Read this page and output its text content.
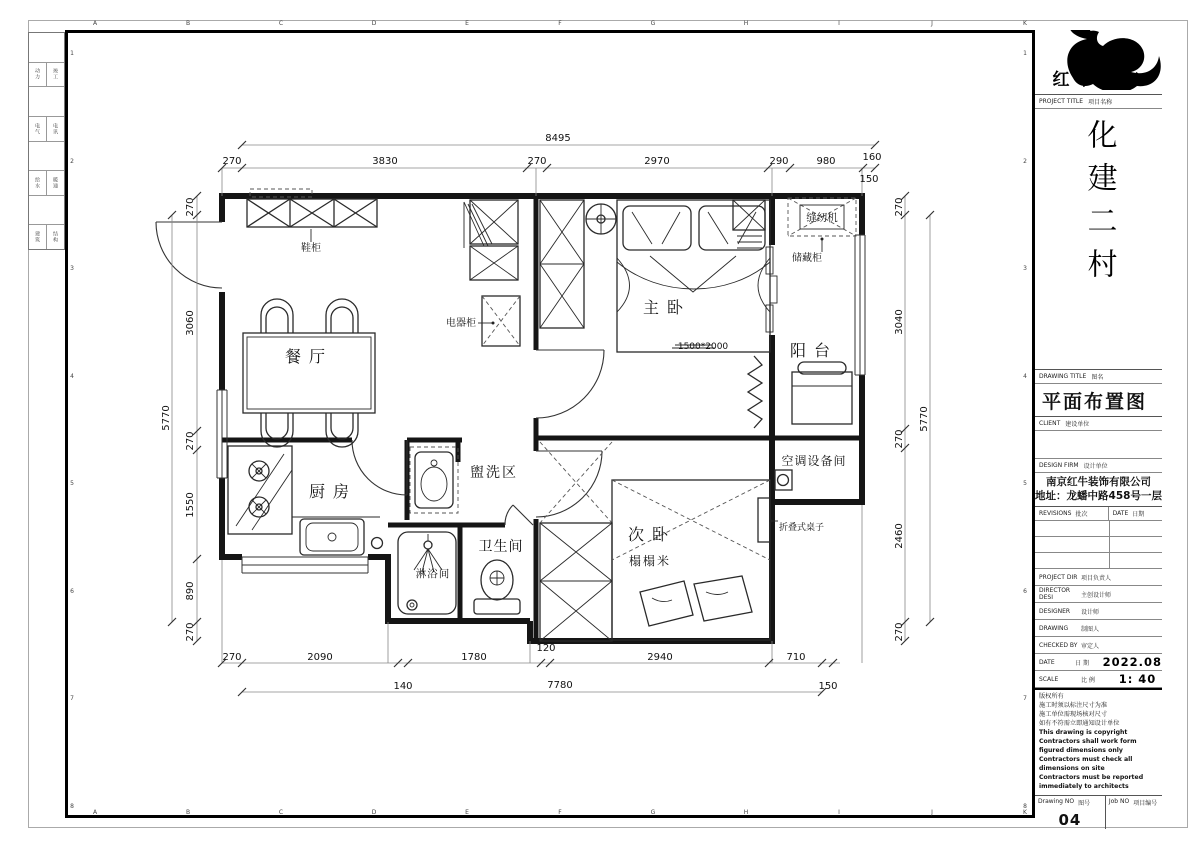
A	B	C	D	E	F	G	H	I	J	K
A	B	C	D	E	F	G	H	I	J	K
1
2
3
4
5
6
7
8
1
2
3
4
5
6
7
8
动力	竣工
电气	电讯
给水	暖通
建筑	结构
餐厅
主卧
阳台
厨房
盥洗区
次卧
榻榻米
淋浴间
卫生间
空调设备间
鞋柜
电器柜
缝纫机
储藏柜
折叠式桌子
1500*2000
8495
270	3830	270	2970	290	980	160
150
5770
270
3060
270
1550
890
270
270
3040
270
2460
270
5770
270	2090	1780
120
2940	710
140	7780	150
红牛装饰
PROJECT TITLE 项目名称
化建二村
DRAWING TITLE 图名
平面布置图
CLIENT 建设单位
DESIGN FIRM 设计单位
南京红牛装饰有限公司
地址：龙蟠中路458号一层
REVISIONS 批次	DATE 日期
PROJECT DIR 项目负责人
DIRECTOR DESI	主创设计师
DESIGNER	设计师
DRAWING	制图人
CHECKED BY 审定人
DATE	日 期	2022.08
SCALE	比 例	1: 40
版权所有
施工时须以标注尺寸为准
施工单位需现场核对尺寸
如有不符需立即通知设计单位
This drawing is copyright
Contractors shall work form figured dimensions only
Contractors must check all dimensions on site
Contractors must be reported immediately to architects
Drawing NO 图号
04
Job NO 项目编号
